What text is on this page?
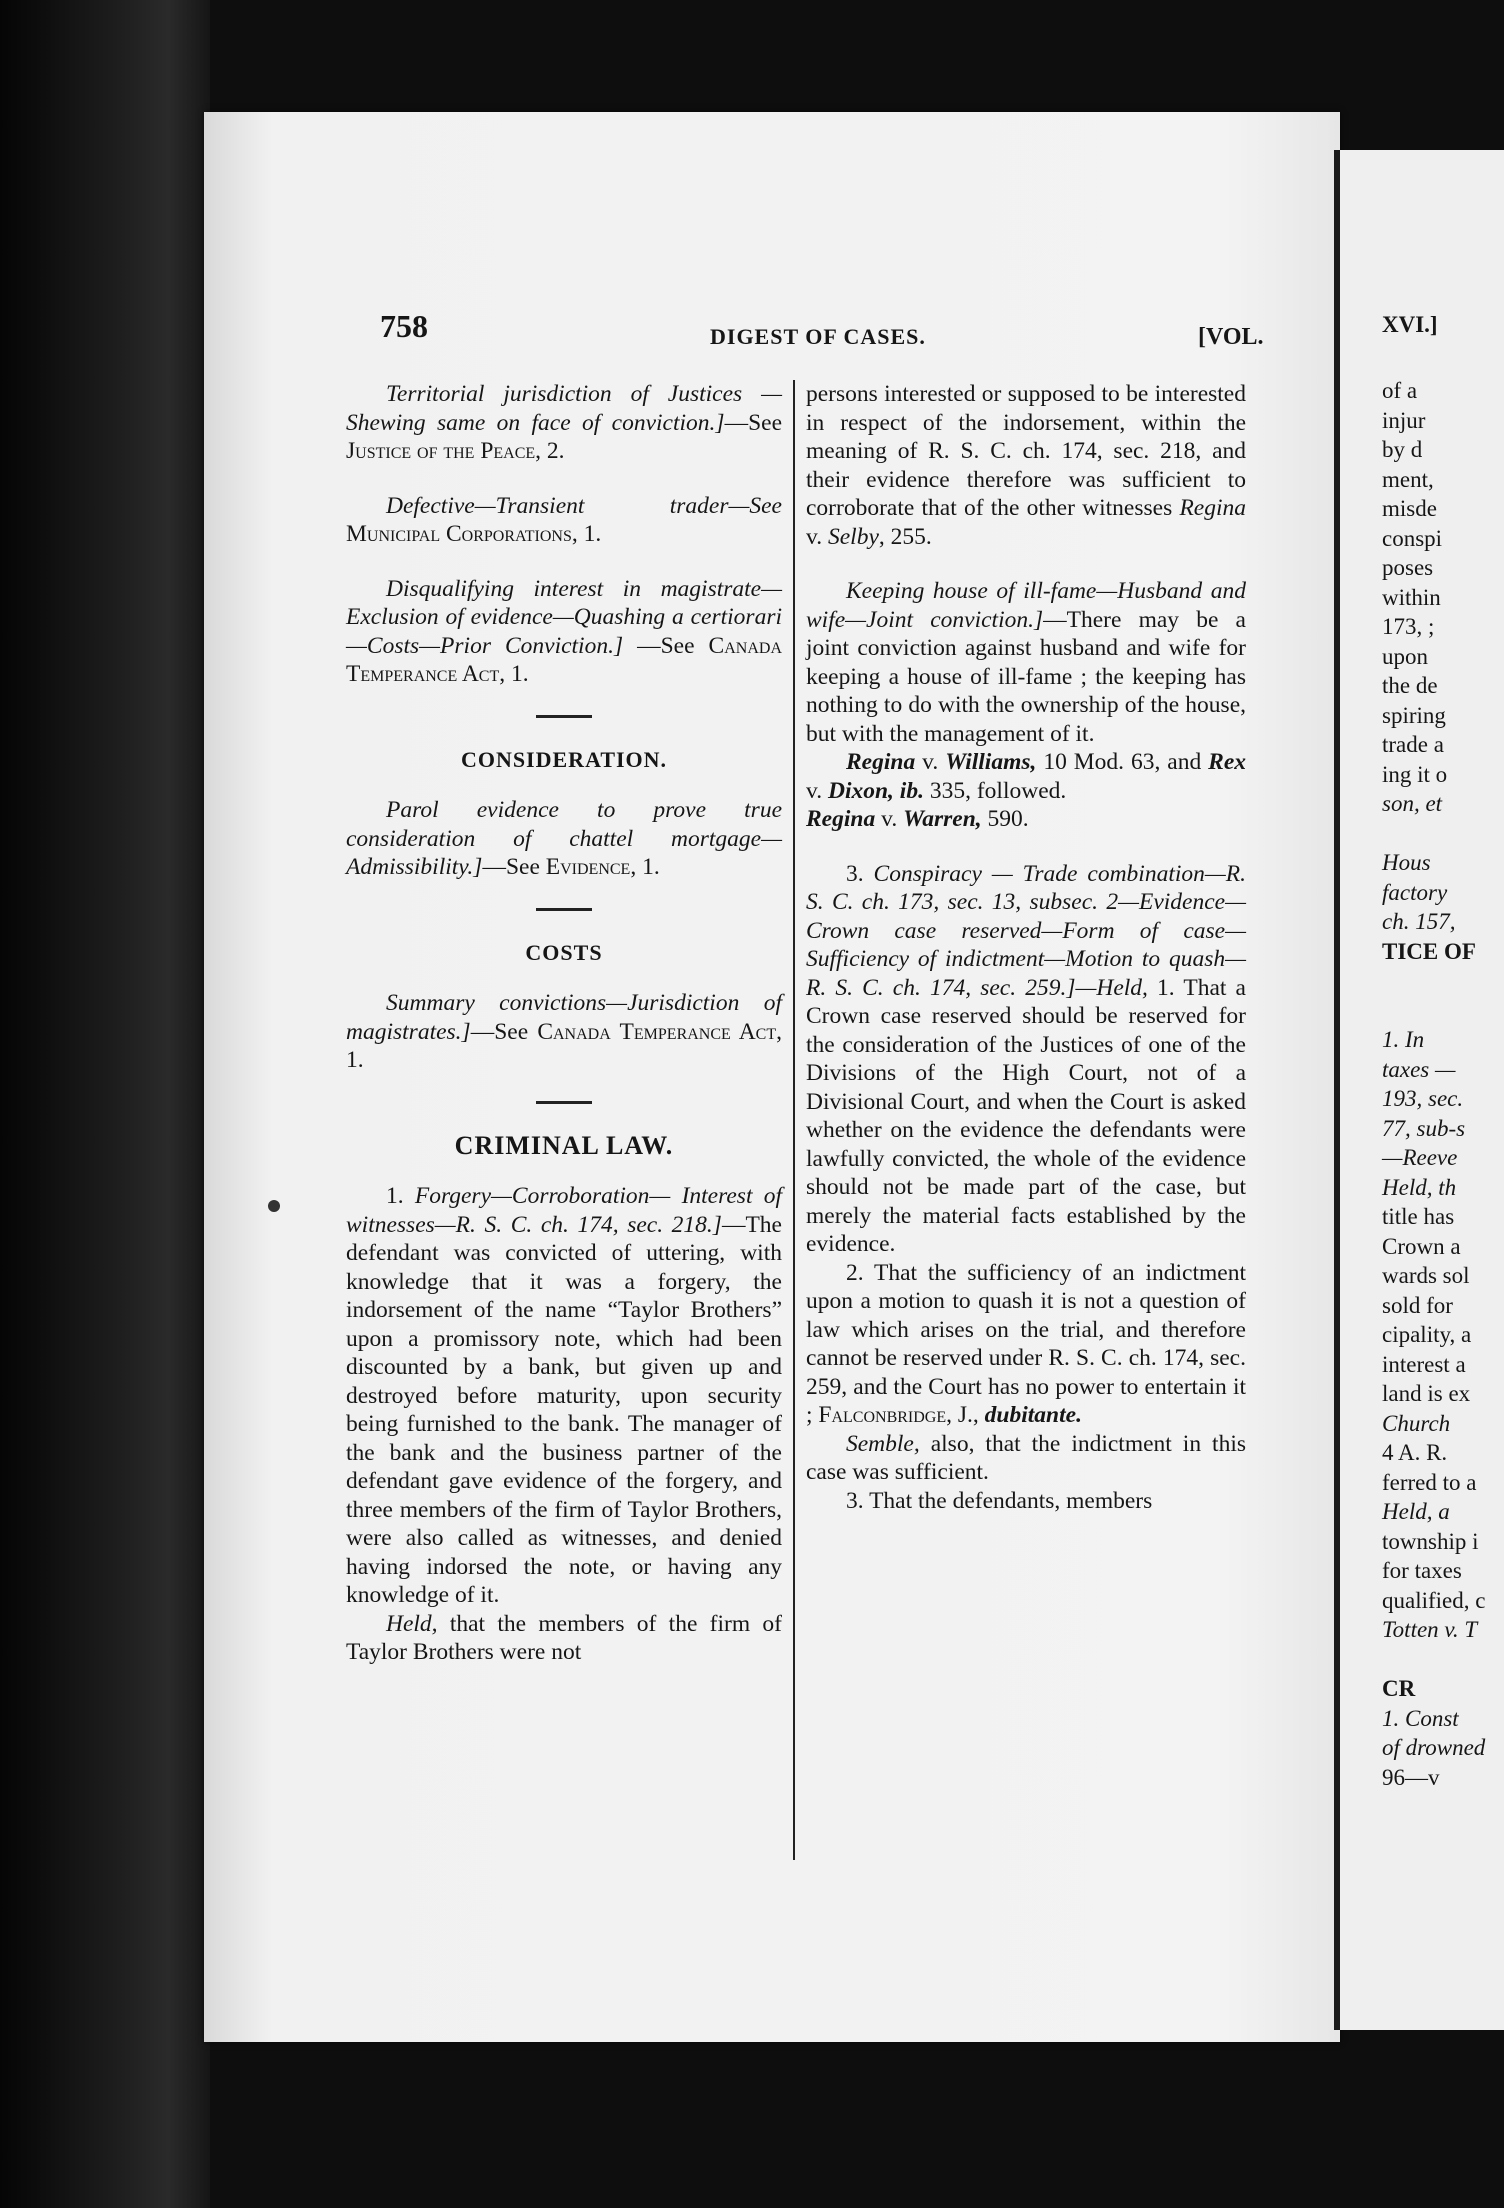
758	DIGEST OF CASES.	[VOL.

Territorial jurisdiction of Justices —Shewing same on face of conviction.]—See Justice of the Peace, 2.

Defective—Transient trader—See Municipal Corporations, 1.

Disqualifying interest in magistrate—Exclusion of evidence—Quashing a certiorari—Costs—Prior Conviction.] —See Canada Temperance Act, 1.

CONSIDERATION.

Parol evidence to prove true consideration of chattel mortgage—Admissibility.]—See Evidence, 1.

COSTS

Summary convictions—Jurisdiction of magistrates.]—See Canada Temperance Act, 1.

CRIMINAL LAW.

1. Forgery—Corroboration— Interest of witnesses—R. S. C. ch. 174, sec. 218.]—The defendant was convicted of uttering, with knowledge that it was a forgery, the indorsement of the name “Taylor Brothers” upon a promissory note, which had been discounted by a bank, but given up and destroyed before maturity, upon security being furnished to the bank. The manager of the bank and the business partner of the defendant gave evidence of the forgery, and three members of the firm of Taylor Brothers, were also called as witnesses, and denied having indorsed the note, or having any knowledge of it.

Held, that the members of the firm of Taylor Brothers were not

persons interested or supposed to be interested in respect of the indorsement, within the meaning of R. S. C. ch. 174, sec. 218, and their evidence therefore was sufficient to corroborate that of the other witnesses Regina v. Selby, 255.

Keeping house of ill-fame—Husband and wife—Joint conviction.]—There may be a joint conviction against husband and wife for keeping a house of ill-fame ; the keeping has nothing to do with the ownership of the house, but with the management of it.

Regina v. Williams, 10 Mod. 63, and Rex v. Dixon, ib. 335, followed.
Regina v. Warren, 590.

3. Conspiracy — Trade combination—R. S. C. ch. 173, sec. 13, subsec. 2—Evidence—Crown case reserved—Form of case—Sufficiency of indictment—Motion to quash—R. S. C. ch. 174, sec. 259.]—Held, 1. That a Crown case reserved should be reserved for the consideration of the Justices of one of the Divisions of the High Court, not of a Divisional Court, and when the Court is asked whether on the evidence the defendants were lawfully convicted, the whole of the evidence should not be made part of the case, but merely the material facts established by the evidence.

2. That the sufficiency of an indictment upon a motion to quash it is not a question of law which arises on the trial, and therefore cannot be reserved under R. S. C. ch. 174, sec. 259, and the Court has no power to entertain it ; Falconbridge, J., dubitante.

Semble, also, that the indictment in this case was sufficient.

3. That the defendants, members

XVI.]
of a
injur
by d
ment,
misde
conspi
poses
within
173, ;
upon
the de
spiring
trade a
ing it o
son, et
Hous
factory
ch. 157,
TICE OF
1. In
taxes —
193, sec.
77, sub-s
—Reeve
Held, th
title has
Crown a
wards sol
sold for
cipality, a
interest a
land is ex
Church
4 A. R.
ferred to a
Held, a
township i
for taxes
qualified, c
Totten v. T
CR
1. Const
of drowned
96—v
